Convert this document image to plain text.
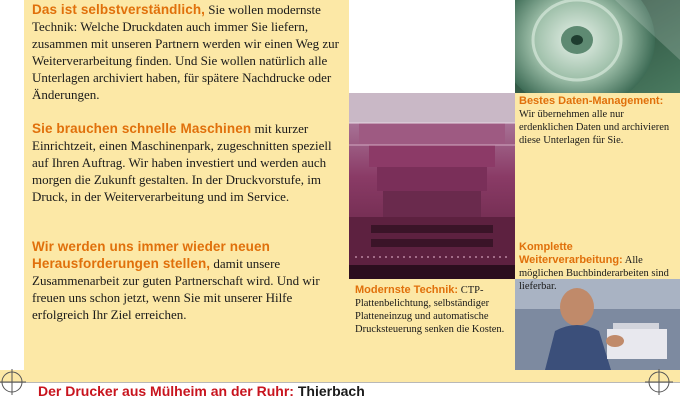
Das ist selbstverständlich, Sie wollen modernste Technik: Welche Druckdaten auch immer Sie liefern, zusammen mit unseren Partnern werden wir einen Weg zur Weiterverarbeitung finden. Und Sie wollen natürlich alle Unterlagen archiviert haben, für spätere Nachdrucke oder Änderungen.

Sie brauchen schnelle Maschinen mit kurzer Einrichtzeit, einen Maschinenpark, zugeschnitten speziell auf Ihren Auftrag. Wir haben investiert und werden auch morgen die Zukunft gestalten. In der Druckvorstufe, im Druck, in der Weiterverarbeitung und im Service.

Wir werden uns immer wieder neuen Herausforderungen stellen, damit unsere Zusammenarbeit zur guten Partnerschaft wird. Und wir freuen uns schon jetzt, wenn Sie mit unserer Hilfe erfolgreich Ihr Ziel erreichen.

Bestes Daten-Management: Wir übernehmen alle nur erdenklichen Daten und archivieren diese Unterlagen für Sie.

Komplette Weiterverarbeitung: Alle möglichen Buchbinderarbeiten sind lieferbar.

Modernste Technik: CTP-Plattenbelichtung, selbständiger Platteneinzug und automatische Drucksteuerung senken die Kosten.

Der Drucker aus Mülheim an der Ruhr: Thierbach
